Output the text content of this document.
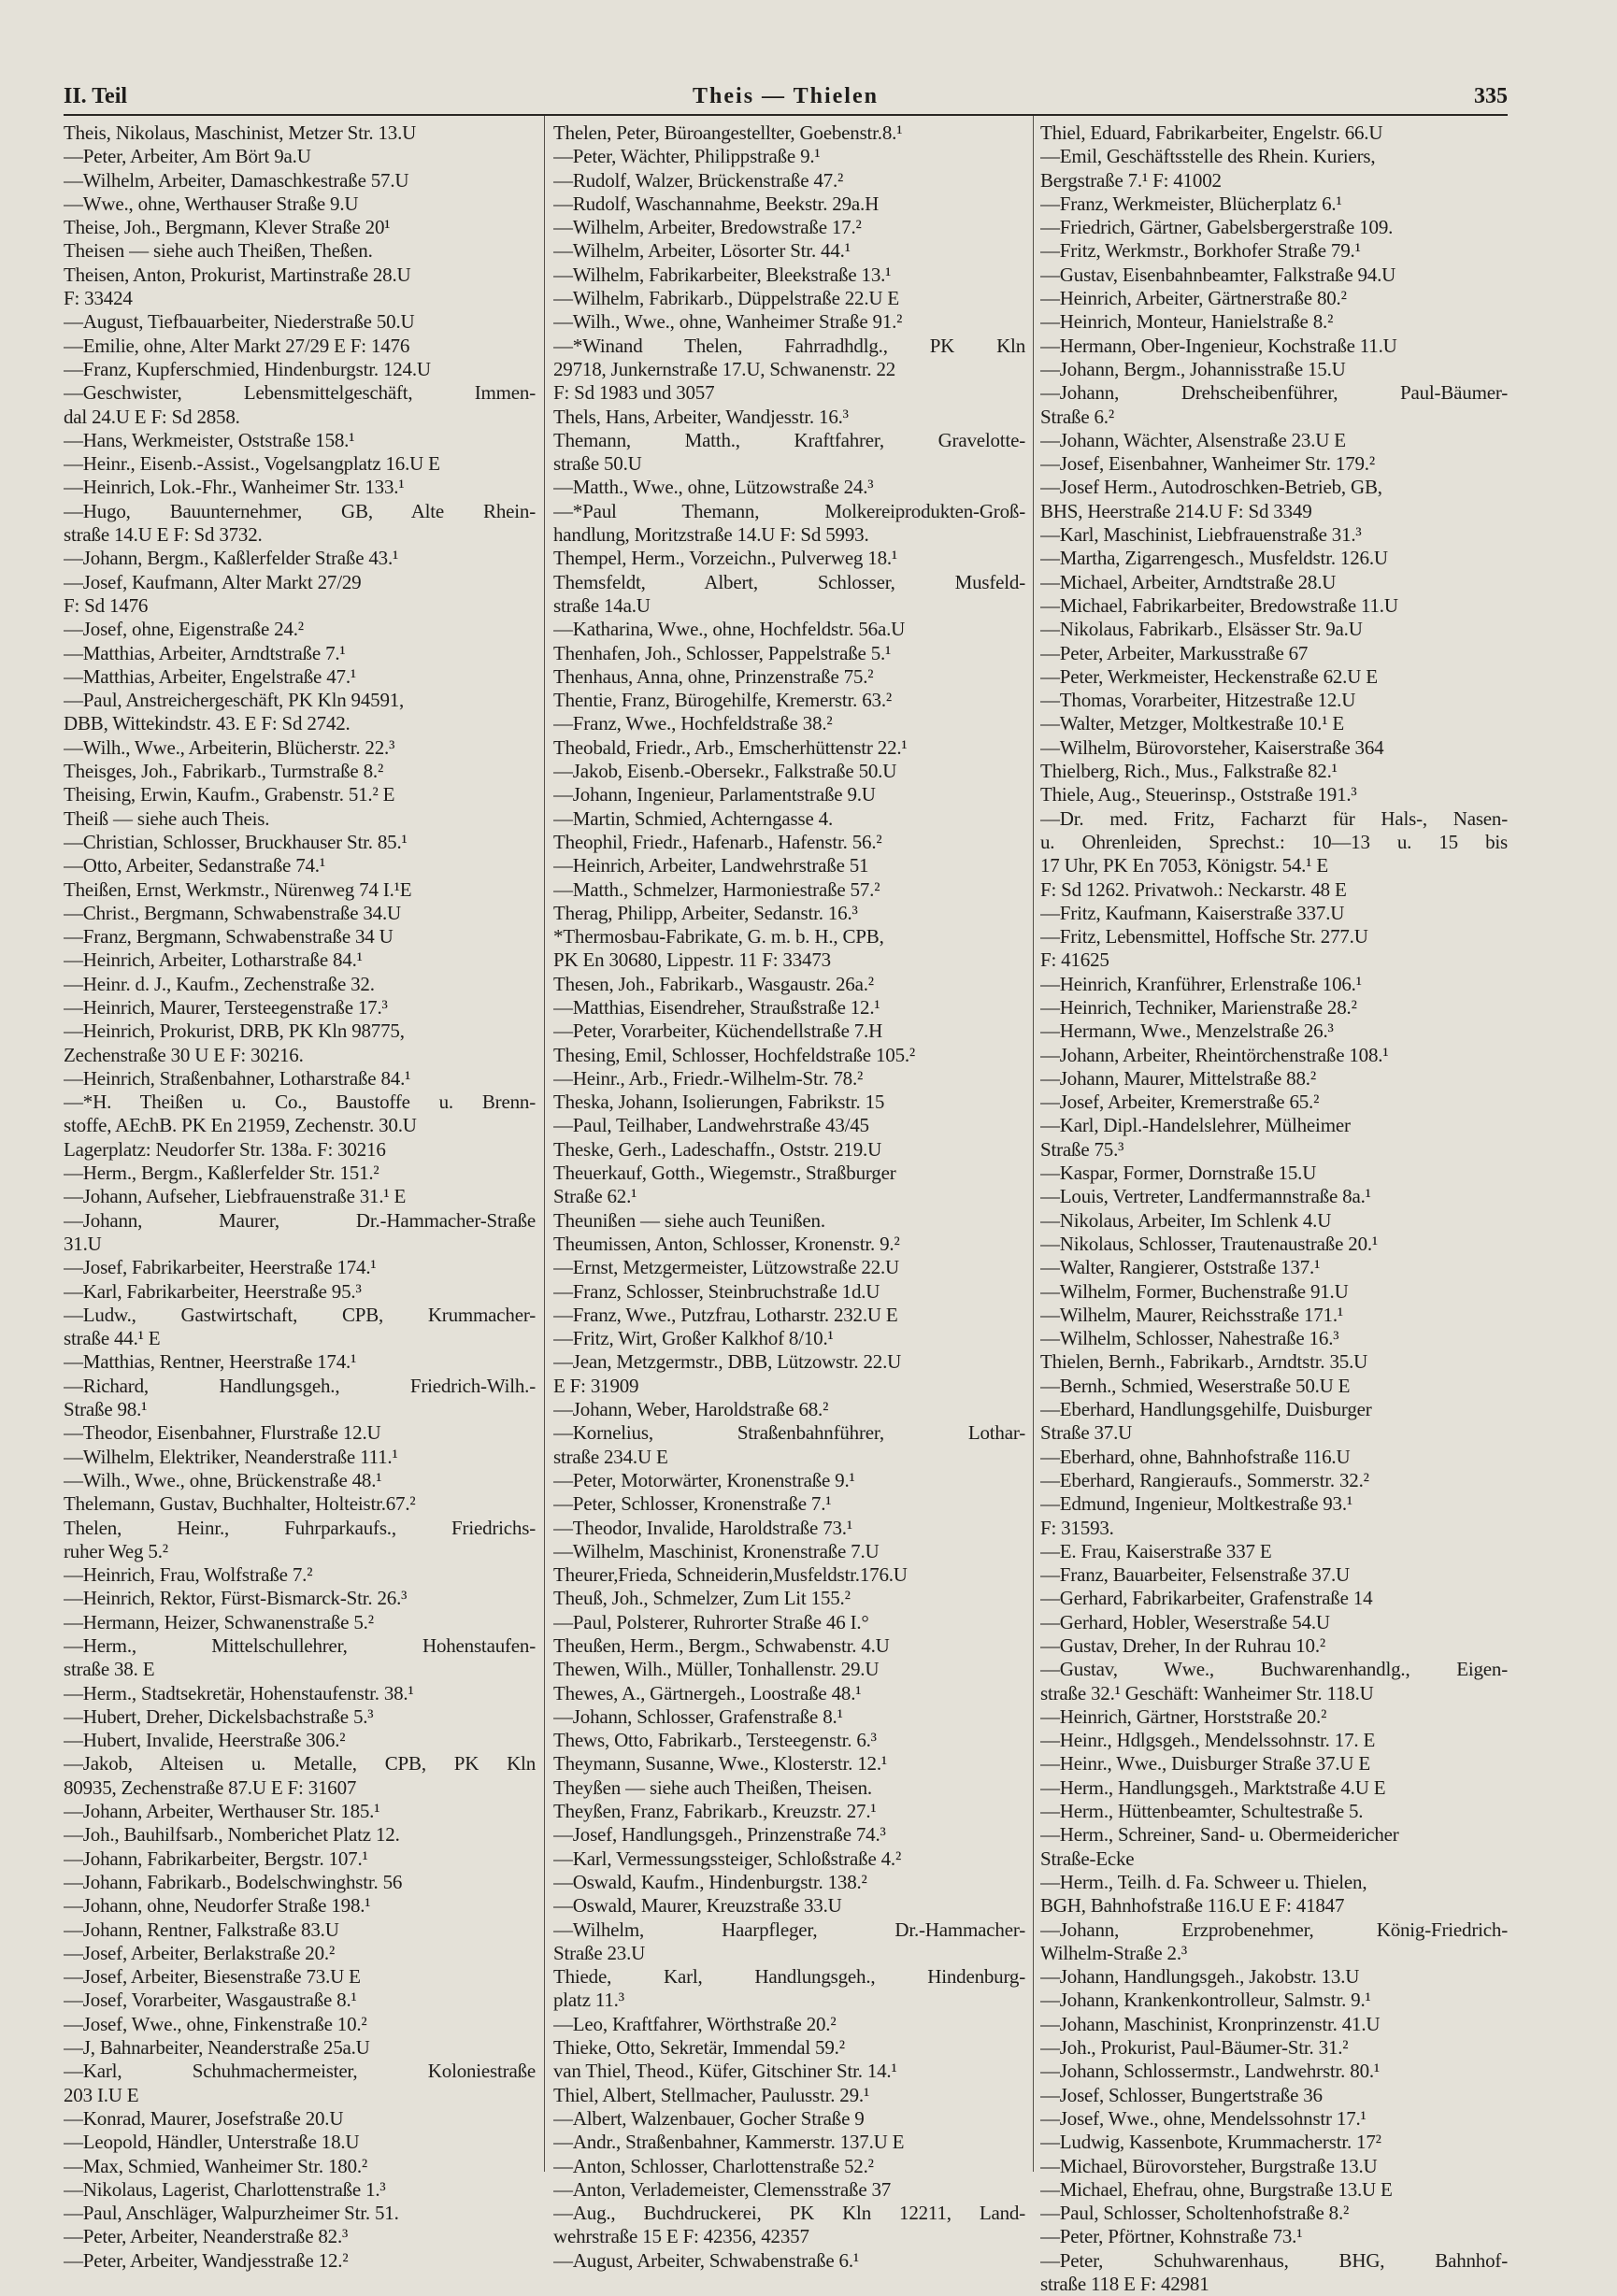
II. Teil	Theis — Thielen	335
Theis, Nikolaus, Maschinist, Metzer Str. 13.U
—Peter, Arbeiter, Am Bört 9a.U
—Wilhelm, Arbeiter, Damaschkestraße 57.U
—Wwe., ohne, Werthauser Straße 9.U
Theise, Joh., Bergmann, Klever Straße 20¹
Theisen — siehe auch Theißen, Theßen.
Theisen, Anton, Prokurist, Martinstraße 28.U
F: 33424
—August, Tiefbauarbeiter, Niederstraße 50.U
—Emilie, ohne, Alter Markt 27/29 E F: 1476
—Franz, Kupferschmied, Hindenburgstr. 124.U
—Geschwister, Lebensmittelgeschäft, Immen-
dal 24.U E F: Sd 2858.
—Hans, Werkmeister, Oststraße 158.¹
—Heinr., Eisenb.-Assist., Vogelsangplatz 16.U E
—Heinrich, Lok.-Fhr., Wanheimer Str. 133.¹
—Hugo, Bauunternehmer, GB, Alte Rhein-
straße 14.U E F: Sd 3732.
—Johann, Bergm., Kaßlerfelder Straße 43.¹
—Josef, Kaufmann, Alter Markt 27/29
F: Sd 1476
—Josef, ohne, Eigenstraße 24.²
—Matthias, Arbeiter, Arndtstraße 7.¹
—Matthias, Arbeiter, Engelstraße 47.¹
—Paul, Anstreichergeschäft, PK Kln 94591,
DBB, Wittekindstr. 43. E F: Sd 2742.
—Wilh., Wwe., Arbeiterin, Blücherstr. 22.³
Theisges, Joh., Fabrikarb., Turmstraße 8.²
Theising, Erwin, Kaufm., Grabenstr. 51.² E
Theiß — siehe auch Theis.
—Christian, Schlosser, Bruckhauser Str. 85.¹
—Otto, Arbeiter, Sedanstraße 74.¹
Theißen, Ernst, Werkmstr., Nürenweg 74 I.¹E
—Christ., Bergmann, Schwabenstraße 34.U
—Franz, Bergmann, Schwabenstraße 34 U
—Heinrich, Arbeiter, Lotharstraße 84.¹
—Heinr. d. J., Kaufm., Zechenstraße 32.
—Heinrich, Maurer, Tersteegenstraße 17.³
—Heinrich, Prokurist, DRB, PK Kln 98775,
Zechenstraße 30 U E F: 30216.
—Heinrich, Straßenbahner, Lotharstraße 84.¹
—*H. Theißen u. Co., Baustoffe u. Brenn-
stoffe, AEchB. PK En 21959, Zechenstr. 30.U
Lagerplatz: Neudorfer Str. 138a. F: 30216
—Herm., Bergm., Kaßlerfelder Str. 151.²
—Johann, Aufseher, Liebfrauenstraße 31.¹ E
—Johann, Maurer, Dr.-Hammacher-Straße
31.U
—Josef, Fabrikarbeiter, Heerstraße 174.¹
—Karl, Fabrikarbeiter, Heerstraße 95.³
—Ludw., Gastwirtschaft, CPB, Krummacher-
straße 44.¹ E
—Matthias, Rentner, Heerstraße 174.¹
—Richard, Handlungsgeh., Friedrich-Wilh.-
Straße 98.¹
—Theodor, Eisenbahner, Flurstraße 12.U
—Wilhelm, Elektriker, Neanderstraße 111.¹
—Wilh., Wwe., ohne, Brückenstraße 48.¹
Thelemann, Gustav, Buchhalter, Holteistr.67.²
Thelen, Heinr., Fuhrparkaufs., Friedrichs-
ruher Weg 5.²
—Heinrich, Frau, Wolfstraße 7.²
—Heinrich, Rektor, Fürst-Bismarck-Str. 26.³
—Hermann, Heizer, Schwanenstraße 5.²
—Herm., Mittelschullehrer, Hohenstaufen-
straße 38. E
—Herm., Stadtsekretär, Hohenstaufenstr. 38.¹
—Hubert, Dreher, Dickelsbachstraße 5.³
—Hubert, Invalide, Heerstraße 306.²
—Jakob, Alteisen u. Metalle, CPB, PK Kln
80935, Zechenstraße 87.U E F: 31607
—Johann, Arbeiter, Werthauser Str. 185.¹
—Joh., Bauhilfsarb., Nomberichet Platz 12.
—Johann, Fabrikarbeiter, Bergstr. 107.¹
—Johann, Fabrikarb., Bodelschwinghstr. 56
—Johann, ohne, Neudorfer Straße 198.¹
—Johann, Rentner, Falkstraße 83.U
—Josef, Arbeiter, Berlakstraße 20.²
—Josef, Arbeiter, Biesenstraße 73.U E
—Josef, Vorarbeiter, Wasgaustraße 8.¹
—Josef, Wwe., ohne, Finkenstraße 10.²
—J, Bahnarbeiter, Neanderstraße 25a.U
—Karl, Schuhmachermeister, Koloniestraße
203 I.U E
—Konrad, Maurer, Josefstraße 20.U
—Leopold, Händler, Unterstraße 18.U
—Max, Schmied, Wanheimer Str. 180.²
—Nikolaus, Lagerist, Charlottenstraße 1.³
—Paul, Anschläger, Walpurzheimer Str. 51.
—Peter, Arbeiter, Neanderstraße 82.³
—Peter, Arbeiter, Wandjesstraße 12.²
Thelen, Peter, Büroangestellter, Goebenstr.8.¹
—Peter, Wächter, Philippstraße 9.¹
—Rudolf, Walzer, Brückenstraße 47.²
—Rudolf, Waschannahme, Beekstr. 29a.H
—Wilhelm, Arbeiter, Bredowstraße 17.²
—Wilhelm, Arbeiter, Lösorter Str. 44.¹
—Wilhelm, Fabrikarbeiter, Bleekstraße 13.¹
—Wilhelm, Fabrikarb., Düppelstraße 22.U E
—Wilh., Wwe., ohne, Wanheimer Straße 91.²
—*Winand Thelen, Fahrradhdlg., PK Kln
29718, Junkernstraße 17.U, Schwanenstr. 22
F: Sd 1983 und 3057
Thels, Hans, Arbeiter, Wandjesstr. 16.³
Themann, Matth., Kraftfahrer, Gravelotte-
straße 50.U
—Matth., Wwe., ohne, Lützowstraße 24.³
—*Paul Themann, Molkereiprodukten-Groß-
handlung, Moritzstraße 14.U F: Sd 5993.
Thempel, Herm., Vorzeichn., Pulverweg 18.¹
Themsfeldt, Albert, Schlosser, Musfeld-
straße 14a.U
—Katharina, Wwe., ohne, Hochfeldstr. 56a.U
Thenhafen, Joh., Schlosser, Pappelstraße 5.¹
Thenhaus, Anna, ohne, Prinzenstraße 75.²
Thentie, Franz, Bürogehilfe, Kremerstr. 63.²
—Franz, Wwe., Hochfeldstraße 38.²
Theobald, Friedr., Arb., Emscherhüttenstr 22.¹
—Jakob, Eisenb.-Obersekr., Falkstraße 50.U
—Johann, Ingenieur, Parlamentstraße 9.U
—Martin, Schmied, Achterngasse 4.
Theophil, Friedr., Hafenarb., Hafenstr. 56.²
—Heinrich, Arbeiter, Landwehrstraße 51
—Matth., Schmelzer, Harmoniestraße 57.²
Therag, Philipp, Arbeiter, Sedanstr. 16.³
*Thermosbau-Fabrikate, G. m. b. H., CPB,
PK En 30680, Lippestr. 11 F: 33473
Thesen, Joh., Fabrikarb., Wasgaustr. 26a.²
—Matthias, Eisendreher, Straußstraße 12.¹
—Peter, Vorarbeiter, Küchendellstraße 7.H
Thesing, Emil, Schlosser, Hochfeldstraße 105.²
—Heinr., Arb., Friedr.-Wilhelm-Str. 78.²
Theska, Johann, Isolierungen, Fabrikstr. 15
—Paul, Teilhaber, Landwehrstraße 43/45
Theske, Gerh., Ladeschaffn., Oststr. 219.U
Theuerkauf, Gotth., Wiegemstr., Straßburger
Straße 62.¹
Theunißen — siehe auch Teunißen.
Theumissen, Anton, Schlosser, Kronenstr. 9.²
—Ernst, Metzgermeister, Lützowstraße 22.U
—Franz, Schlosser, Steinbruchstraße 1d.U
—Franz, Wwe., Putzfrau, Lotharstr. 232.U E
—Fritz, Wirt, Großer Kalkhof 8/10.¹
—Jean, Metzgermstr., DBB, Lützowstr. 22.U
E F: 31909
—Johann, Weber, Haroldstraße 68.²
—Kornelius, Straßenbahnführer, Lothar-
straße 234.U E
—Peter, Motorwärter, Kronenstraße 9.¹
—Peter, Schlosser, Kronenstraße 7.¹
—Theodor, Invalide, Haroldstraße 73.¹
—Wilhelm, Maschinist, Kronenstraße 7.U
Theurer,Frieda, Schneiderin,Musfeldstr.176.U
Theuß, Joh., Schmelzer, Zum Lit 155.²
—Paul, Polsterer, Ruhrorter Straße 46 I.°
Theußen, Herm., Bergm., Schwabenstr. 4.U
Thewen, Wilh., Müller, Tonhallenstr. 29.U
Thewes, A., Gärtnergeh., Loostraße 48.¹
—Johann, Schlosser, Grafenstraße 8.¹
Thews, Otto, Fabrikarb., Tersteegenstr. 6.³
Theymann, Susanne, Wwe., Klosterstr. 12.¹
Theyßen — siehe auch Theißen, Theisen.
Theyßen, Franz, Fabrikarb., Kreuzstr. 27.¹
—Josef, Handlungsgeh., Prinzenstraße 74.³
—Karl, Vermessungssteiger, Schloßstraße 4.²
—Oswald, Kaufm., Hindenburgstr. 138.²
—Oswald, Maurer, Kreuzstraße 33.U
—Wilhelm, Haarpfleger, Dr.-Hammacher-
Straße 23.U
Thiede, Karl, Handlungsgeh., Hindenburg-
platz 11.³
—Leo, Kraftfahrer, Wörthstraße 20.²
Thieke, Otto, Sekretär, Immendal 59.²
van Thiel, Theod., Küfer, Gitschiner Str. 14.¹
Thiel, Albert, Stellmacher, Paulusstr. 29.¹
—Albert, Walzenbauer, Gocher Straße 9
—Andr., Straßenbahner, Kammerstr. 137.U E
—Anton, Schlosser, Charlottenstraße 52.²
—Anton, Verlademeister, Clemensstraße 37
—Aug., Buchdruckerei, PK Kln 12211, Land-
wehrstraße 15 E F: 42356, 42357
—August, Arbeiter, Schwabenstraße 6.¹
Thiel, Eduard, Fabrikarbeiter, Engelstr. 66.U
—Emil, Geschäftsstelle des Rhein. Kuriers,
Bergstraße 7.¹ F: 41002
—Franz, Werkmeister, Blücherplatz 6.¹
—Friedrich, Gärtner, Gabelsbergerstraße 109.
—Fritz, Werkmstr., Borkhofer Straße 79.¹
—Gustav, Eisenbahnbeamter, Falkstraße 94.U
—Heinrich, Arbeiter, Gärtnerstraße 80.²
—Heinrich, Monteur, Hanielstraße 8.²
—Hermann, Ober-Ingenieur, Kochstraße 11.U
—Johann, Bergm., Johannisstraße 15.U
—Johann, Drehscheibenführer, Paul-Bäumer-
Straße 6.²
—Johann, Wächter, Alsenstraße 23.U E
—Josef, Eisenbahner, Wanheimer Str. 179.²
—Josef Herm., Autodroschken-Betrieb, GB,
BHS, Heerstraße 214.U F: Sd 3349
—Karl, Maschinist, Liebfrauenstraße 31.³
—Martha, Zigarrengesch., Musfeldstr. 126.U
—Michael, Arbeiter, Arndtstraße 28.U
—Michael, Fabrikarbeiter, Bredowstraße 11.U
—Nikolaus, Fabrikarb., Elsässer Str. 9a.U
—Peter, Arbeiter, Markusstraße 67
—Peter, Werkmeister, Heckenstraße 62.U E
—Thomas, Vorarbeiter, Hitzestraße 12.U
—Walter, Metzger, Moltkestraße 10.¹ E
—Wilhelm, Bürovorsteher, Kaiserstraße 364
Thielberg, Rich., Mus., Falkstraße 82.¹
Thiele, Aug., Steuerinsp., Oststraße 191.³
—Dr. med. Fritz, Facharzt für Hals-, Nasen-
u. Ohrenleiden, Sprechst.: 10—13 u. 15 bis
17 Uhr, PK En 7053, Königstr. 54.¹ E
F: Sd 1262. Privatwoh.: Neckarstr. 48 E
—Fritz, Kaufmann, Kaiserstraße 337.U
—Fritz, Lebensmittel, Hoffsche Str. 277.U
F: 41625
—Heinrich, Kranführer, Erlenstraße 106.¹
—Heinrich, Techniker, Marienstraße 28.²
—Hermann, Wwe., Menzelstraße 26.³
—Johann, Arbeiter, Rheintörchenstraße 108.¹
—Johann, Maurer, Mittelstraße 88.²
—Josef, Arbeiter, Kremerstraße 65.²
—Karl, Dipl.-Handelslehrer, Mülheimer
Straße 75.³
—Kaspar, Former, Dornstraße 15.U
—Louis, Vertreter, Landfermannstraße 8a.¹
—Nikolaus, Arbeiter, Im Schlenk 4.U
—Nikolaus, Schlosser, Trautenaustraße 20.¹
—Walter, Rangierer, Oststraße 137.¹
—Wilhelm, Former, Buchenstraße 91.U
—Wilhelm, Maurer, Reichsstraße 171.¹
—Wilhelm, Schlosser, Nahestraße 16.³
Thielen, Bernh., Fabrikarb., Arndtstr. 35.U
—Bernh., Schmied, Weserstraße 50.U E
—Eberhard, Handlungsgehilfe, Duisburger
Straße 37.U
—Eberhard, ohne, Bahnhofstraße 116.U
—Eberhard, Rangieraufs., Sommerstr. 32.²
—Edmund, Ingenieur, Moltkestraße 93.¹
F: 31593.
—E. Frau, Kaiserstraße 337 E
—Franz, Bauarbeiter, Felsenstraße 37.U
—Gerhard, Fabrikarbeiter, Grafenstraße 14
—Gerhard, Hobler, Weserstraße 54.U
—Gustav, Dreher, In der Ruhrau 10.²
—Gustav, Wwe., Buchwarenhandlg., Eigen-
straße 32.¹ Geschäft: Wanheimer Str. 118.U
—Heinrich, Gärtner, Horststraße 20.²
—Heinr., Hdlgsgeh., Mendelssohnstr. 17. E
—Heinr., Wwe., Duisburger Straße 37.U E
—Herm., Handlungsgeh., Marktstraße 4.U E
—Herm., Hüttenbeamter, Schultestraße 5.
—Herm., Schreiner, Sand- u. Obermeidericher
Straße-Ecke
—Herm., Teilh. d. Fa. Schweer u. Thielen,
BGH, Bahnhofstraße 116.U E F: 41847
—Johann, Erzprobenehmer, König-Friedrich-
Wilhelm-Straße 2.³
—Johann, Handlungsgeh., Jakobstr. 13.U
—Johann, Krankenkontrolleur, Salmstr. 9.¹
—Johann, Maschinist, Kronprinzenstr. 41.U
—Joh., Prokurist, Paul-Bäumer-Str. 31.²
—Johann, Schlossermstr., Landwehrstr. 80.¹
—Josef, Schlosser, Bungertstraße 36
—Josef, Wwe., ohne, Mendelssohnstr 17.¹
—Ludwig, Kassenbote, Krummacherstr. 17²
—Michael, Bürovorsteher, Burgstraße 13.U
—Michael, Ehefrau, ohne, Burgstraße 13.U E
—Paul, Schlosser, Scholtenhofstraße 8.²
—Peter, Pförtner, Kohnstraße 73.¹
—Peter, Schuhwarenhaus, BHG, Bahnhof-
straße 118 E F: 42981
